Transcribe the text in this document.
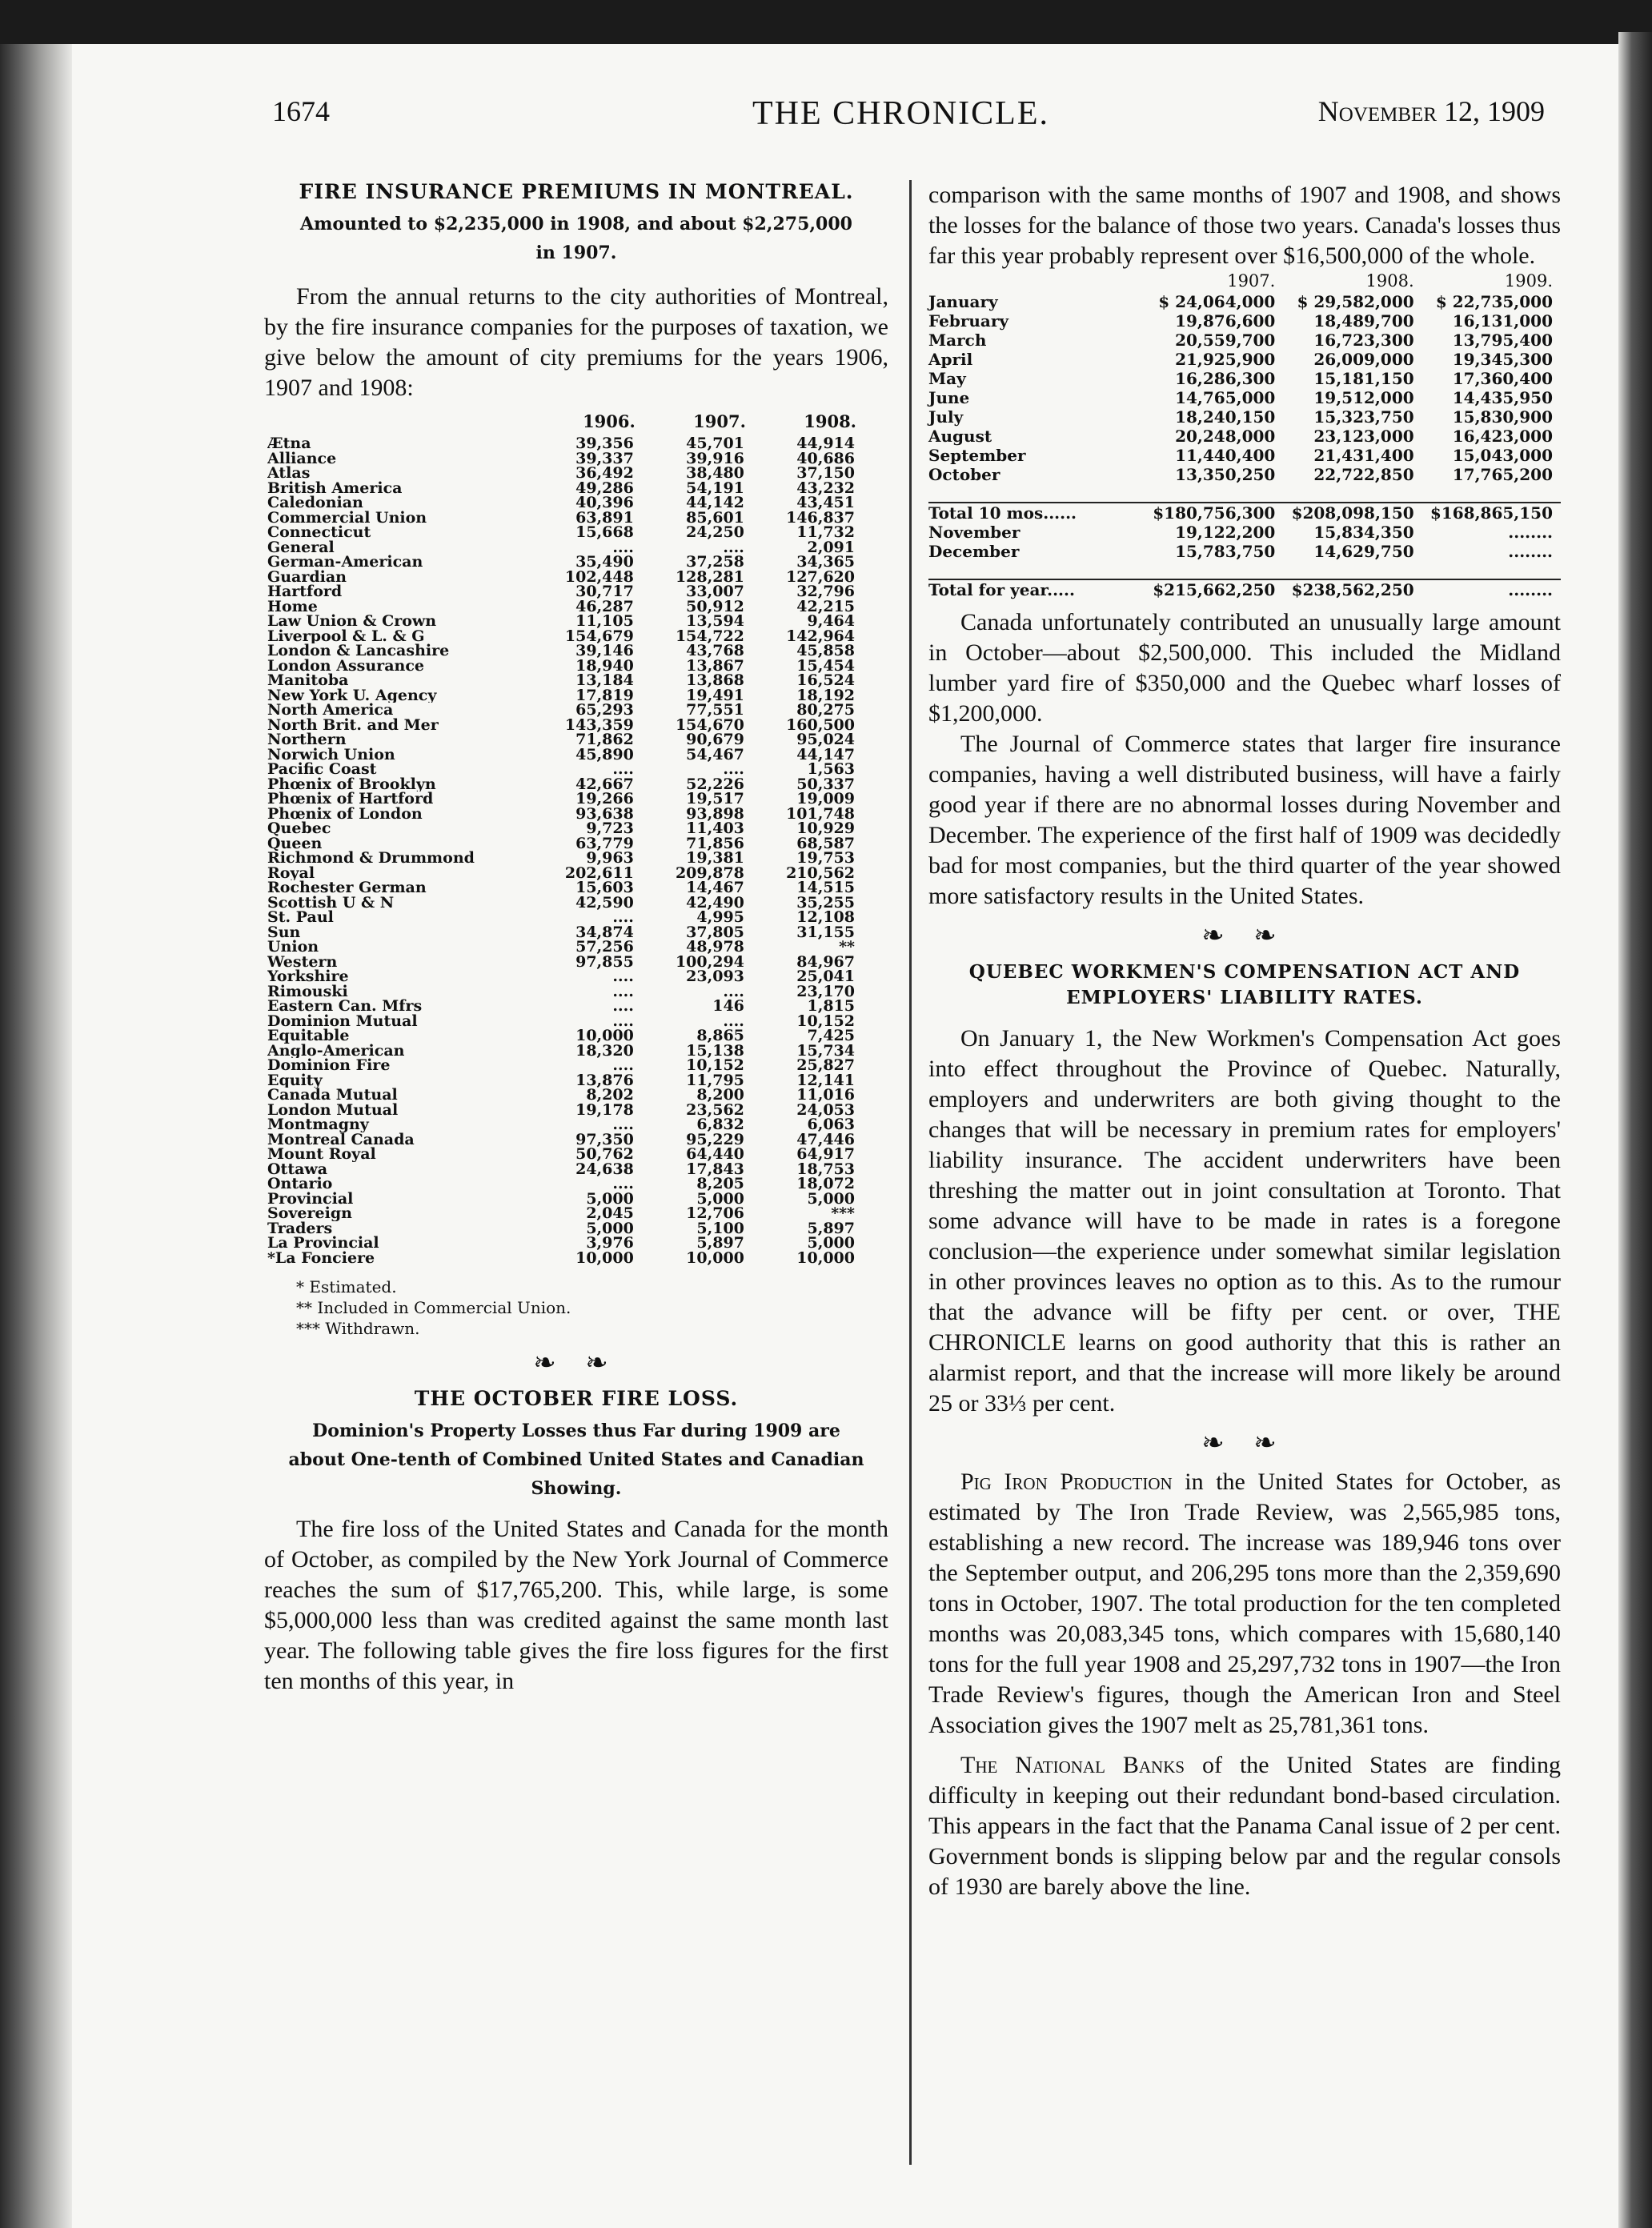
1674	THE CHRONICLE.	November 12, 1909

FIRE INSURANCE PREMIUMS IN MONTREAL.

Amounted to $2,235,000 in 1908, and about $2,275,000 in 1907.

From the annual returns to the city authorities of Montreal, by the fire insurance companies for the purposes of taxation, we give below the amount of city premiums for the years 1906, 1907 and 1908:

	1906.	1907.	1908.
Ætna	39,356	45,701	44,914
Alliance	39,337	39,916	40,686
Atlas	36,492	38,480	37,150
British America	49,286	54,191	43,232
Caledonian	40,396	44,142	43,451
Commercial Union	63,891	85,601	146,837
Connecticut	15,668	24,250	11,732
General	....	....	2,091
German-American	35,490	37,258	34,365
Guardian	102,448	128,281	127,620
Hartford	30,717	33,007	32,796
Home	46,287	50,912	42,215
Law Union & Crown	11,105	13,594	9,464
Liverpool & L. & G	154,679	154,722	142,964
London & Lancashire	39,146	43,768	45,858
London Assurance	18,940	13,867	15,454
Manitoba	13,184	13,868	16,524
New York U. Agency	17,819	19,491	18,192
North America	65,293	77,551	80,275
North Brit. and Mer	143,359	154,670	160,500
Northern	71,862	90,679	95,024
Norwich Union	45,890	54,467	44,147
Pacific Coast	....	....	1,563
Phœnix of Brooklyn	42,667	52,226	50,337
Phœnix of Hartford	19,266	19,517	19,009
Phœnix of London	93,638	93,898	101,748
Quebec	9,723	11,403	10,929
Queen	63,779	71,856	68,587
Richmond & Drummond	9,963	19,381	19,753
Royal	202,611	209,878	210,562
Rochester German	15,603	14,467	14,515
Scottish U & N	42,590	42,490	35,255
St. Paul	....	4,995	12,108
Sun	34,874	37,805	31,155
Union	57,256	48,978	**
Western	97,855	100,294	84,967
Yorkshire	....	23,093	25,041
Rimouski	....	....	23,170
Eastern Can. Mfrs	....	146	1,815
Dominion Mutual	....	....	10,152
Equitable	10,000	8,865	7,425
Anglo-American	18,320	15,138	15,734
Dominion Fire	....	10,152	25,827
Equity	13,876	11,795	12,141
Canada Mutual	8,202	8,200	11,016
London Mutual	19,178	23,562	24,053
Montmagny	....	6,832	6,063
Montreal Canada	97,350	95,229	47,446
Mount Royal	50,762	64,440	64,917
Ottawa	24,638	17,843	18,753
Ontario	....	8,205	18,072
Provincial	5,000	5,000	5,000
Sovereign	2,045	12,706	***
Traders	5,000	5,100	5,897
La Provincial	3,976	5,897	5,000
*La Fonciere	10,000	10,000	10,000
* Estimated.
** Included in Commercial Union.
*** Withdrawn.
❧ ❧

THE OCTOBER FIRE LOSS.

Dominion's Property Losses thus Far during 1909 are about One-tenth of Combined United States and Canadian Showing.

The fire loss of the United States and Canada for the month of October, as compiled by the New York Journal of Commerce reaches the sum of $17,765,200. This, while large, is some $5,000,000 less than was credited against the same month last year. The following table gives the fire loss figures for the first ten months of this year, in

comparison with the same months of 1907 and 1908, and shows the losses for the balance of those two years. Canada's losses thus far this year probably represent over $16,500,000 of the whole.

	1907.	1908.	1909.
January	$ 24,064,000	$ 29,582,000	$ 22,735,000
February	19,876,600	18,489,700	16,131,000
March	20,559,700	16,723,300	13,795,400
April	21,925,900	26,009,000	19,345,300
May	16,286,300	15,181,150	17,360,400
June	14,765,000	19,512,000	14,435,950
July	18,240,150	15,323,750	15,830,900
August	20,248,000	23,123,000	16,423,000
September	11,440,400	21,431,400	15,043,000
October	13,350,250	22,722,850	17,765,200

Total 10 mos......	$180,756,300	$208,098,150	$168,865,150
November	19,122,200	15,834,350	........
December	15,783,750	14,629,750	........

Total for year.....	$215,662,250	$238,562,250	........

Canada unfortunately contributed an unusually large amount in October—about $2,500,000. This included the Midland lumber yard fire of $350,000 and the Quebec wharf losses of $1,200,000.

The Journal of Commerce states that larger fire insurance companies, having a well distributed business, will have a fairly good year if there are no abnormal losses during November and December. The experience of the first half of 1909 was decidedly bad for most companies, but the third quarter of the year showed more satisfactory results in the United States.

❧ ❧

QUEBEC WORKMEN'S COMPENSATION ACT AND EMPLOYERS' LIABILITY RATES.

On January 1, the New Workmen's Compensation Act goes into effect throughout the Province of Quebec. Naturally, employers and underwriters are both giving thought to the changes that will be necessary in premium rates for employers' liability insurance. The accident underwriters have been threshing the matter out in joint consultation at Toronto. That some advance will have to be made in rates is a foregone conclusion—the experience under somewhat similar legislation in other provinces leaves no option as to this. As to the rumour that the advance will be fifty per cent. or over, THE CHRONICLE learns on good authority that this is rather an alarmist report, and that the increase will more likely be around 25 or 33⅓ per cent.

❧ ❧

Pig Iron Production in the United States for October, as estimated by The Iron Trade Review, was 2,565,985 tons, establishing a new record. The increase was 189,946 tons over the September output, and 206,295 tons more than the 2,359,690 tons in October, 1907. The total production for the ten completed months was 20,083,345 tons, which compares with 15,680,140 tons for the full year 1908 and 25,297,732 tons in 1907—the Iron Trade Review's figures, though the American Iron and Steel Association gives the 1907 melt as 25,781,361 tons.

The National Banks of the United States are finding difficulty in keeping out their redundant bond-based circulation. This appears in the fact that the Panama Canal issue of 2 per cent. Government bonds is slipping below par and the regular consols of 1930 are barely above the line.
